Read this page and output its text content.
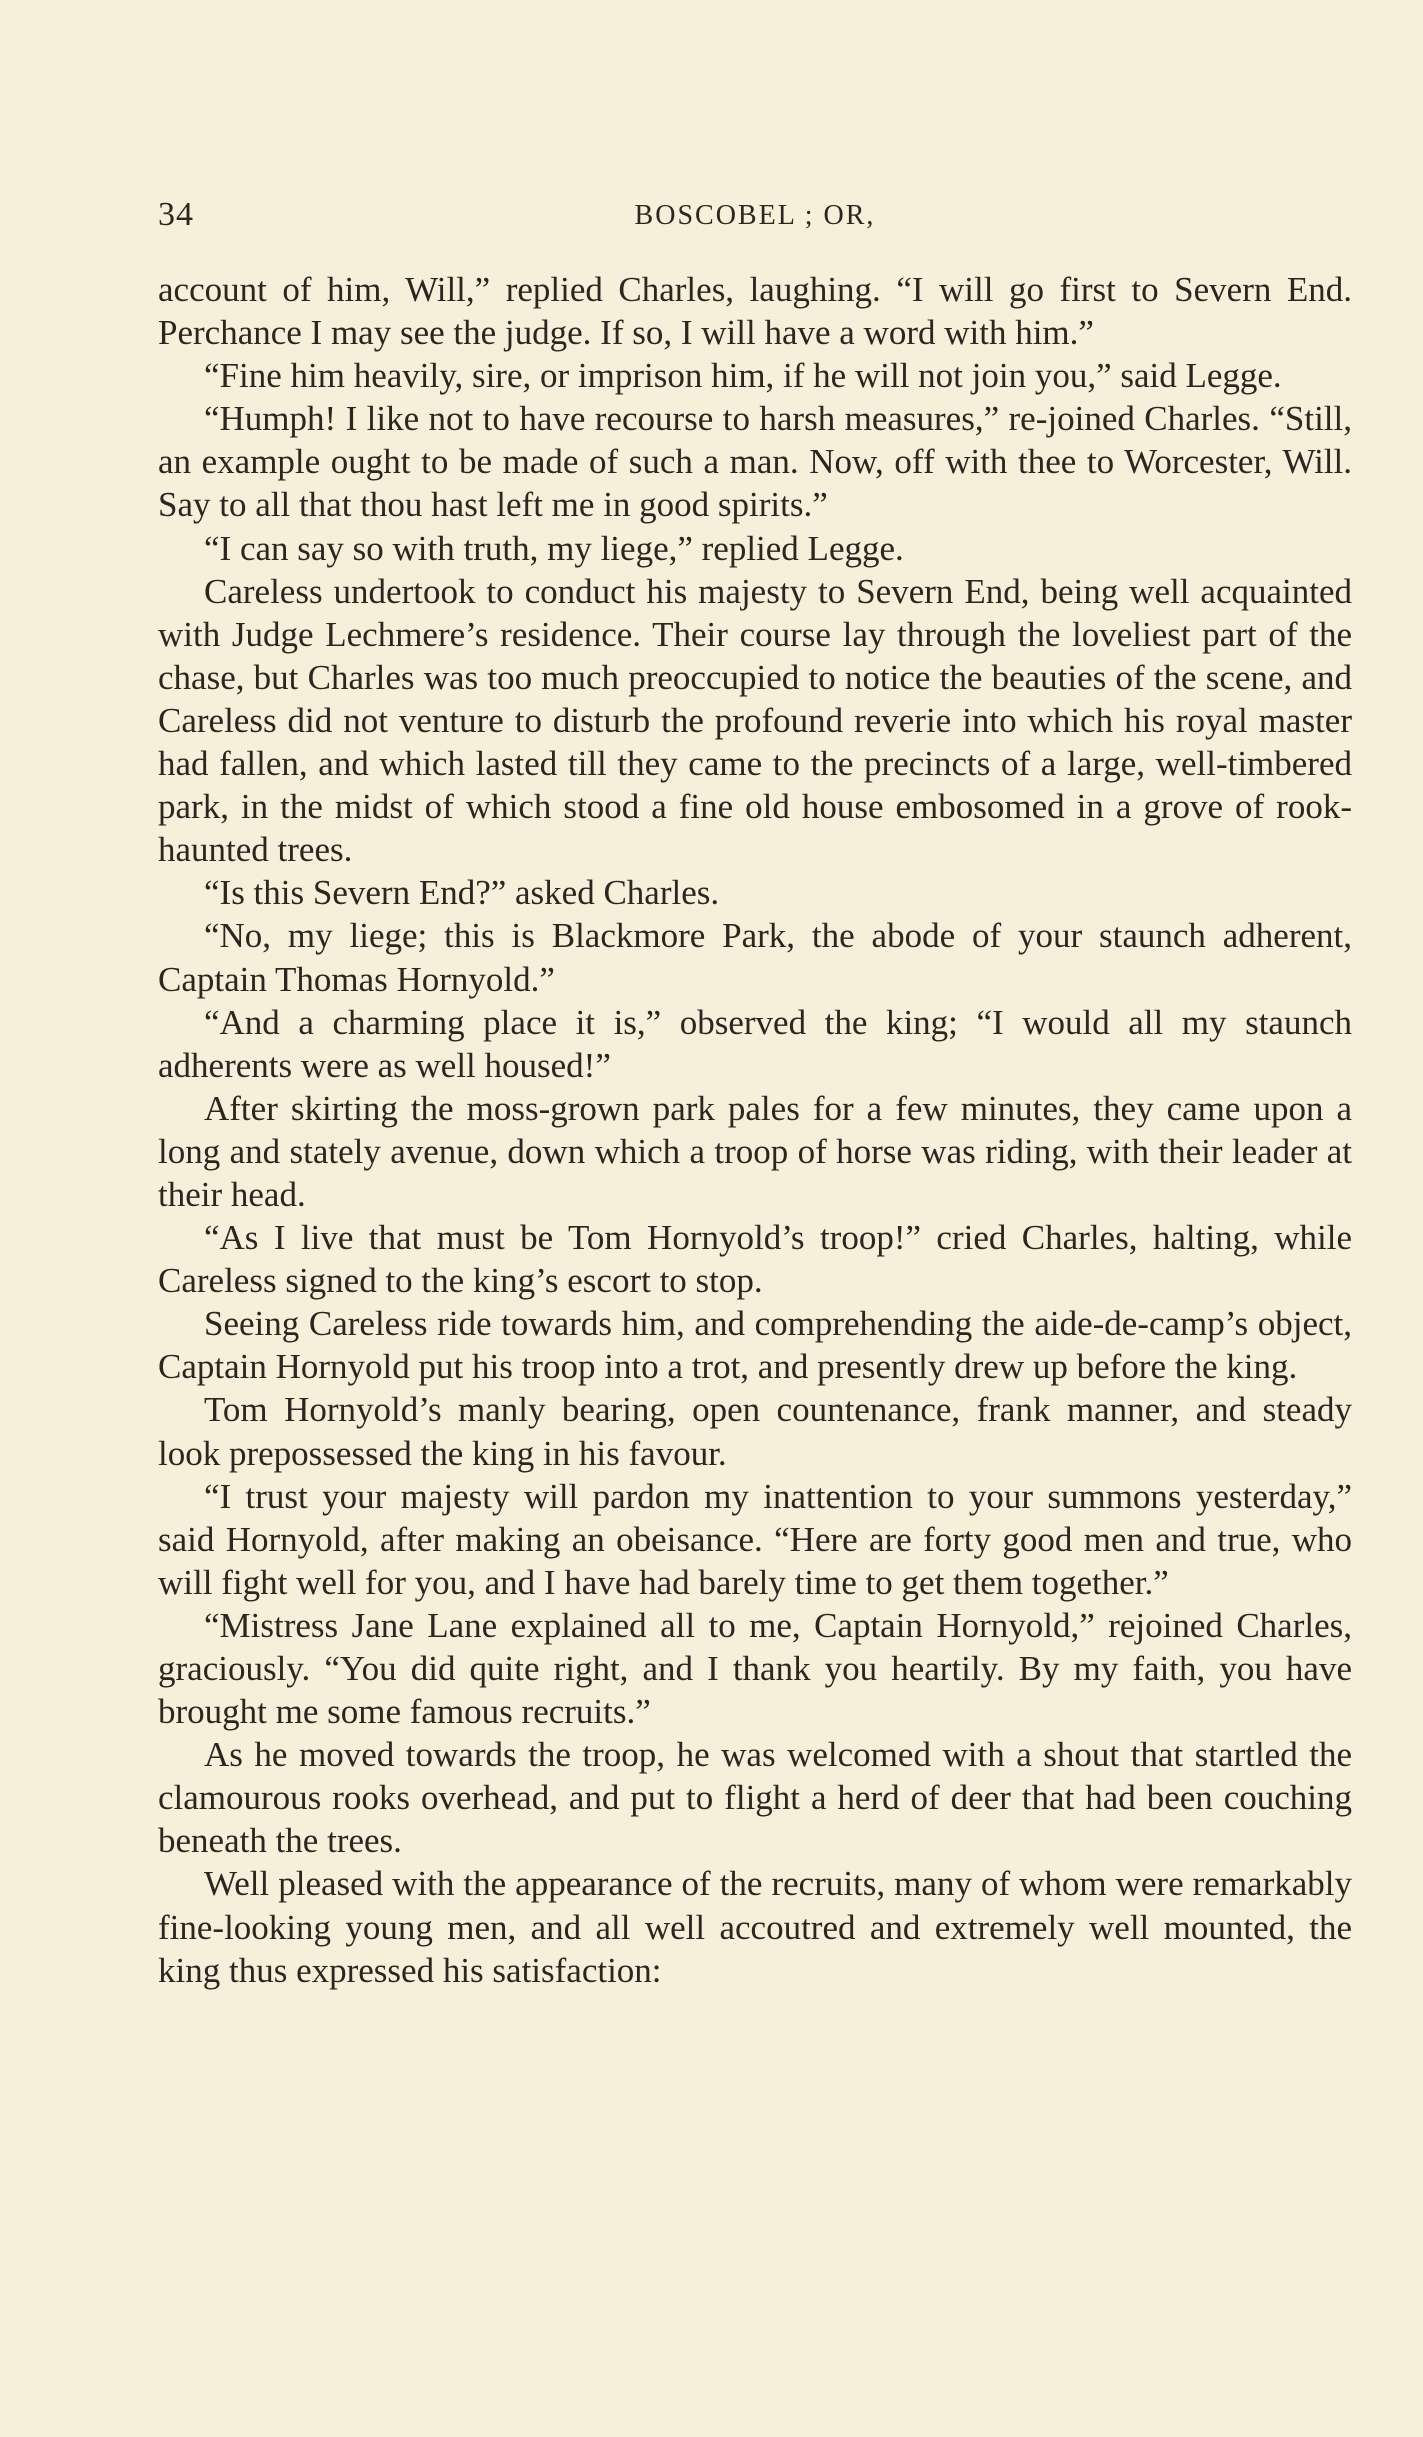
34	BOSCOBEL ; OR,

account of him, Will,” replied Charles, laughing. “I will go first to Severn End. Perchance I may see the judge. If so, I will have a word with him.”

“Fine him heavily, sire, or imprison him, if he will not join you,” said Legge.

“Humph! I like not to have recourse to harsh measures,” re-joined Charles. “Still, an example ought to be made of such a man. Now, off with thee to Worcester, Will. Say to all that thou hast left me in good spirits.”

“I can say so with truth, my liege,” replied Legge.

Careless undertook to conduct his majesty to Severn End, being well acquainted with Judge Lechmere’s residence. Their course lay through the loveliest part of the chase, but Charles was too much preoccupied to notice the beauties of the scene, and Careless did not venture to disturb the profound reverie into which his royal master had fallen, and which lasted till they came to the precincts of a large, well-timbered park, in the midst of which stood a fine old house embosomed in a grove of rook-haunted trees.

“Is this Severn End?” asked Charles.

“No, my liege; this is Blackmore Park, the abode of your staunch adherent, Captain Thomas Hornyold.”

“And a charming place it is,” observed the king; “I would all my staunch adherents were as well housed!”

After skirting the moss-grown park pales for a few minutes, they came upon a long and stately avenue, down which a troop of horse was riding, with their leader at their head.

“As I live that must be Tom Hornyold’s troop!” cried Charles, halting, while Careless signed to the king’s escort to stop.

Seeing Careless ride towards him, and comprehending the aide-de-camp’s object, Captain Hornyold put his troop into a trot, and presently drew up before the king.

Tom Hornyold’s manly bearing, open countenance, frank manner, and steady look prepossessed the king in his favour.

“I trust your majesty will pardon my inattention to your summons yesterday,” said Hornyold, after making an obeisance. “Here are forty good men and true, who will fight well for you, and I have had barely time to get them together.”

“Mistress Jane Lane explained all to me, Captain Hornyold,” rejoined Charles, graciously. “You did quite right, and I thank you heartily. By my faith, you have brought me some famous recruits.”

As he moved towards the troop, he was welcomed with a shout that startled the clamourous rooks overhead, and put to flight a herd of deer that had been couching beneath the trees.

Well pleased with the appearance of the recruits, many of whom were remarkably fine-looking young men, and all well accoutred and extremely well mounted, the king thus expressed his satisfaction:
